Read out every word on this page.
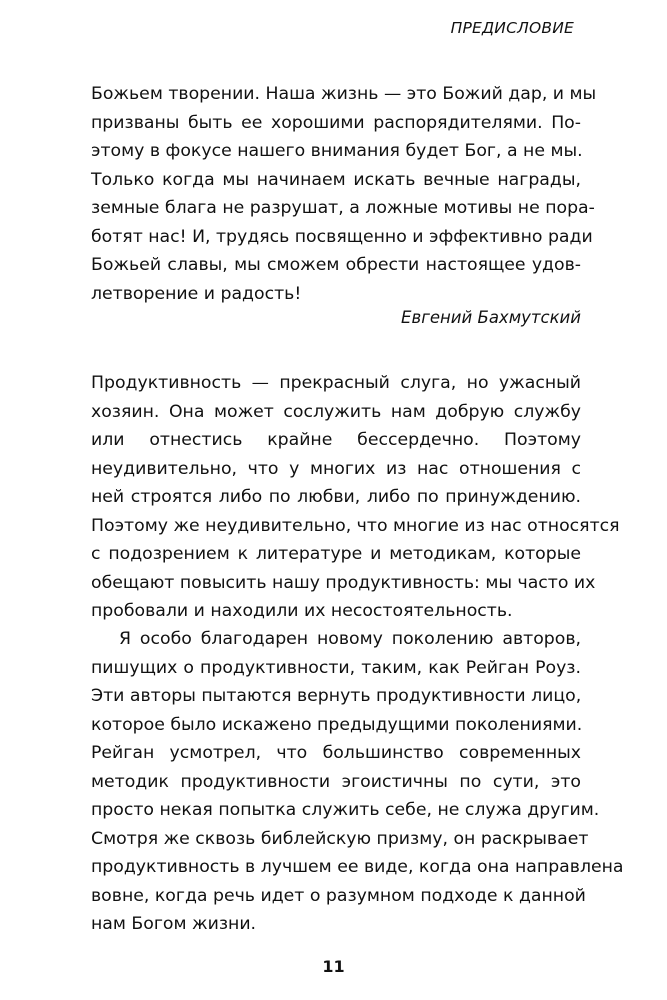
ПРЕДИСЛОВИЕ
Божьем творении. Наша жизнь — это Божий дар, и мы
призваны быть ее хорошими распорядителями. По-
этому в фокусе нашего внимания будет Бог, а не мы.
Только когда мы начинаем искать вечные награды,
земные блага не разрушат, а ложные мотивы не пора-
ботят нас! И, трудясь посвященно и эффективно ради
Божьей славы, мы сможем обрести настоящее удов-
летворение и радость!
Евгений Бахмутский
Продуктивность — прекрасный слуга, но ужасный
хозяин. Она может сослужить нам добрую службу
или отнестись крайне бессердечно. Поэтому
неудивительно, что у многих из нас отношения с
ней строятся либо по любви, либо по принуждению.
Поэтому же неудивительно, что многие из нас относятся
с подозрением к литературе и методикам, которые
обещают повысить нашу продуктивность: мы часто их
пробовали и находили их несостоятельность.
Я особо благодарен новому поколению авторов,
пишущих о продуктивности, таким, как Рейган Роуз.
Эти авторы пытаются вернуть продуктивности лицо,
которое было искажено предыдущими поколениями.
Рейган усмотрел, что большинство современных
методик продуктивности эгоистичны по сути, это
просто некая попытка служить себе, не служа другим.
Смотря же сквозь библейскую призму, он раскрывает
продуктивность в лучшем ее виде, когда она направлена
вовне, когда речь идет о разумном подходе к данной
нам Богом жизни.
11
